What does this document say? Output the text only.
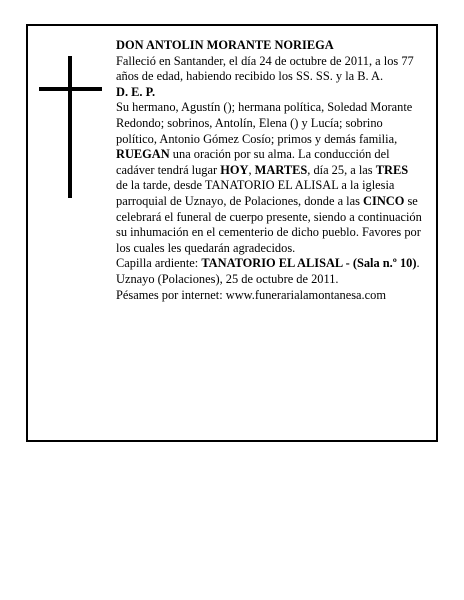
DON ANTOLIN MORANTE NORIEGA

Falleció en Santander, el día 24 de octubre de 2011, a los 77 años de edad, habiendo recibido los SS. SS. y la B. A.

D. E. P.

Su hermano, Agustín (); hermana política, Soledad Morante Redondo; sobrinos, Antolín, Elena () y Lucía; sobrino político, Antonio Gómez Cosío; primos y demás familia,

RUEGAN una oración por su alma. La conducción del cadáver tendrá lugar HOY, MARTES, día 25, a las TRES de la tarde, desde TANATORIO EL ALISAL a la iglesia parroquial de Uznayo, de Polaciones, donde a las CINCO se celebrará el funeral de cuerpo presente, siendo a continuación su inhumación en el cementerio de dicho pueblo. Favores por los cuales les quedarán agradecidos.

Capilla ardiente: TANATORIO EL ALISAL - (Sala n.º 10).

Uznayo (Polaciones), 25 de octubre de 2011.

Pésames por internet: www.funerarialamontanesa.com
